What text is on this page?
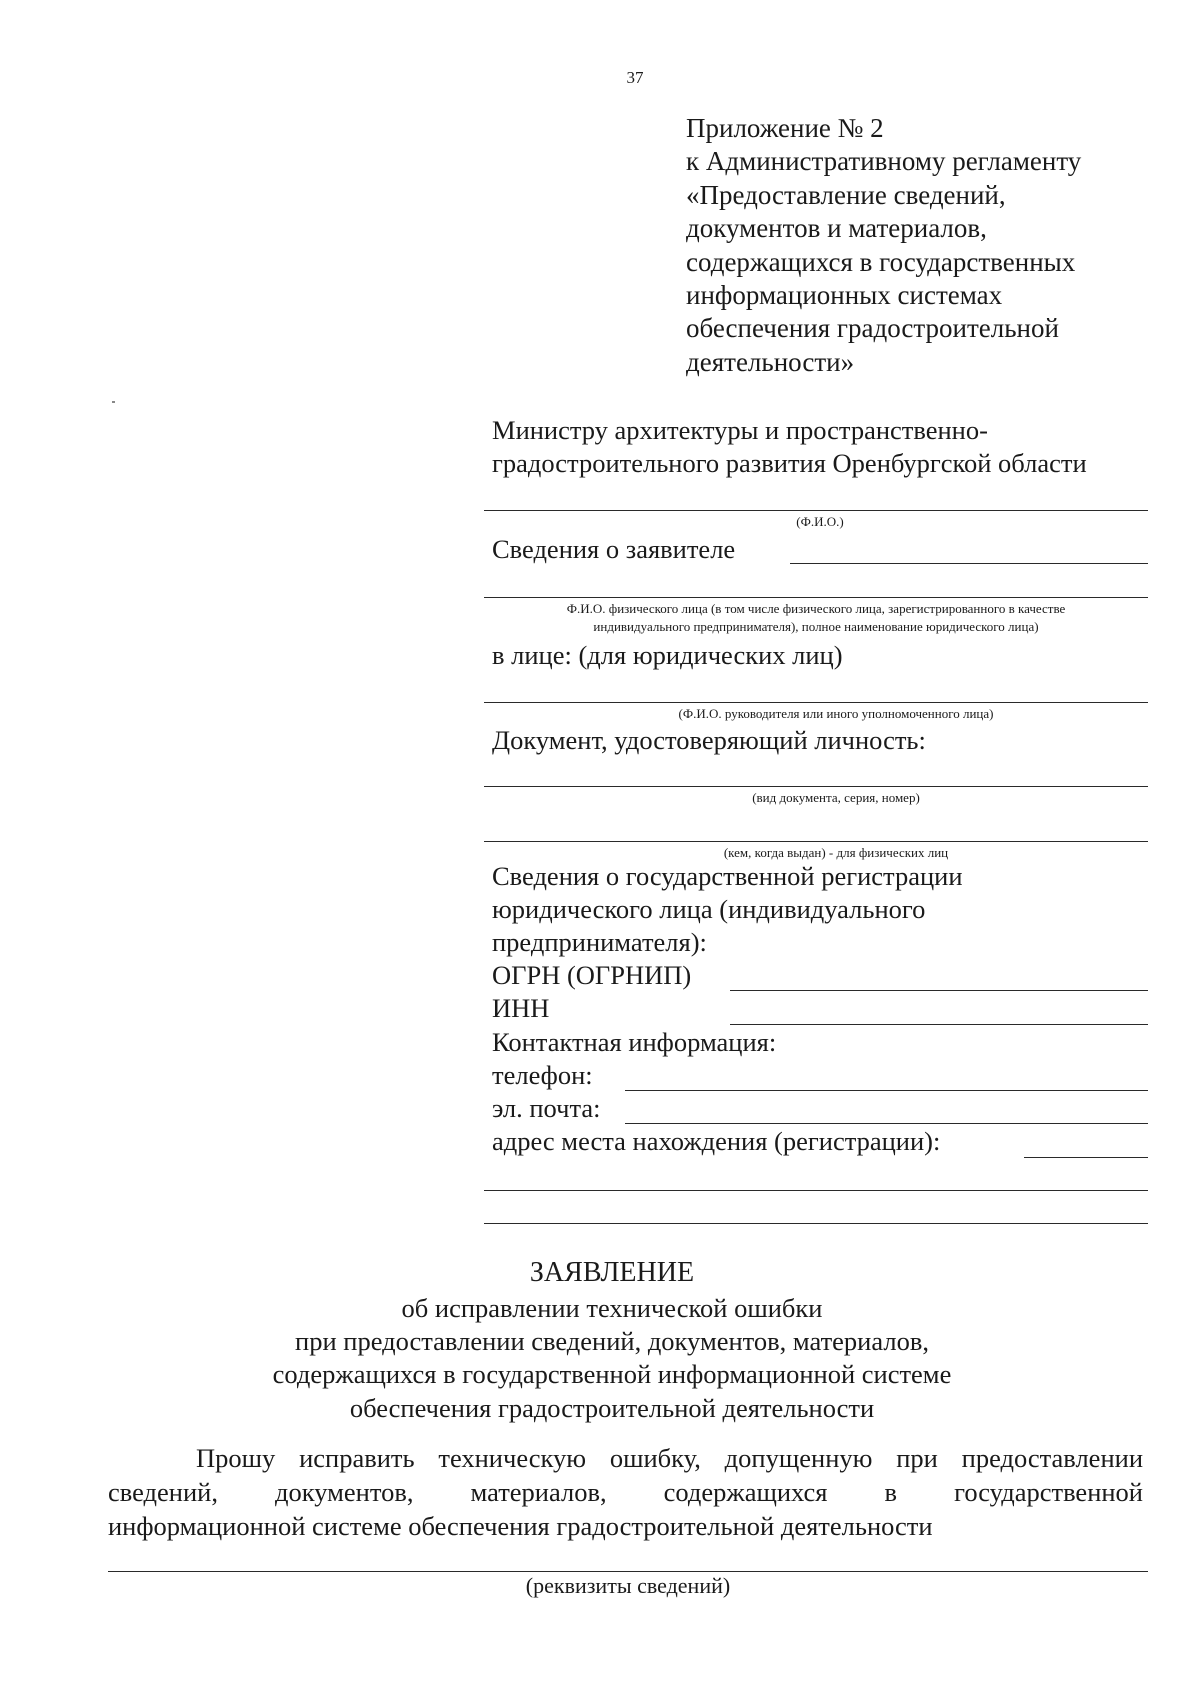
37
Приложение № 2
к Административному регламенту
«Предоставление сведений,
документов и материалов,
содержащихся в государственных
информационных системах
обеспечения градостроительной
деятельности»
Министру архитектуры и пространственно-
градостроительного развития Оренбургской области
(Ф.И.О.)
Сведения о заявителе
Ф.И.О. физического лица (в том числе физического лица, зарегистрированного в качестве
индивидуального предпринимателя), полное наименование юридического лица)
в лице: (для юридических лиц)
(Ф.И.О. руководителя или иного уполномоченного лица)
Документ, удостоверяющий личность:
(вид документа, серия, номер)
(кем, когда выдан) - для физических лиц
Сведения о государственной регистрации
юридического лица (индивидуального
предпринимателя):
ОГРН (ОГРНИП)
ИНН
Контактная информация:
телефон:
эл. почта:
адрес места нахождения (регистрации):
ЗАЯВЛЕНИЕ
об исправлении технической ошибки
при предоставлении сведений, документов, материалов,
содержащихся в государственной информационной системе
обеспечения градостроительной деятельности
Прошу исправить техническую ошибку, допущенную при предоставлении
сведений, документов, материалов, содержащихся в государственной
информационной системе обеспечения градостроительной деятельности
(реквизиты сведений)
